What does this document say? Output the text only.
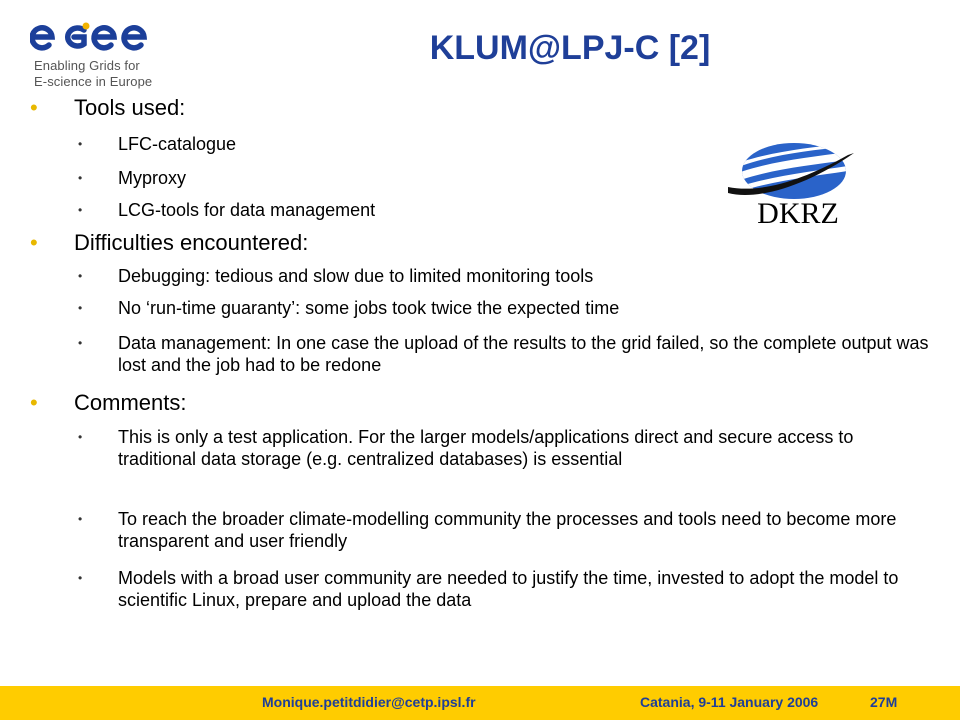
Enabling Grids for
E-science in Europe
KLUM@LPJ-C [2]
DKRZ
• Tools used:
• LFC-catalogue
• Myproxy
• LCG-tools for data management
• Difficulties encountered:
• Debugging: tedious and slow due to limited monitoring tools
• No ‘run-time guaranty’: some jobs took twice the expected time
• Data management: In one case the upload of the results to the grid failed, so the complete output was lost and the job had to be redone
• Comments:
• This is only a test application. For the larger models/applications direct and secure access to traditional data storage (e.g. centralized databases) is essential
• To reach the broader climate-modelling community the processes and tools need to become more transparent and user friendly
• Models with a broad user community are needed to justify the time, invested to adopt the model to scientific Linux, prepare and upload the data
Monique.petitdidier@cetp.ipsl.fr	Catania, 9-11 January 2006	27M
